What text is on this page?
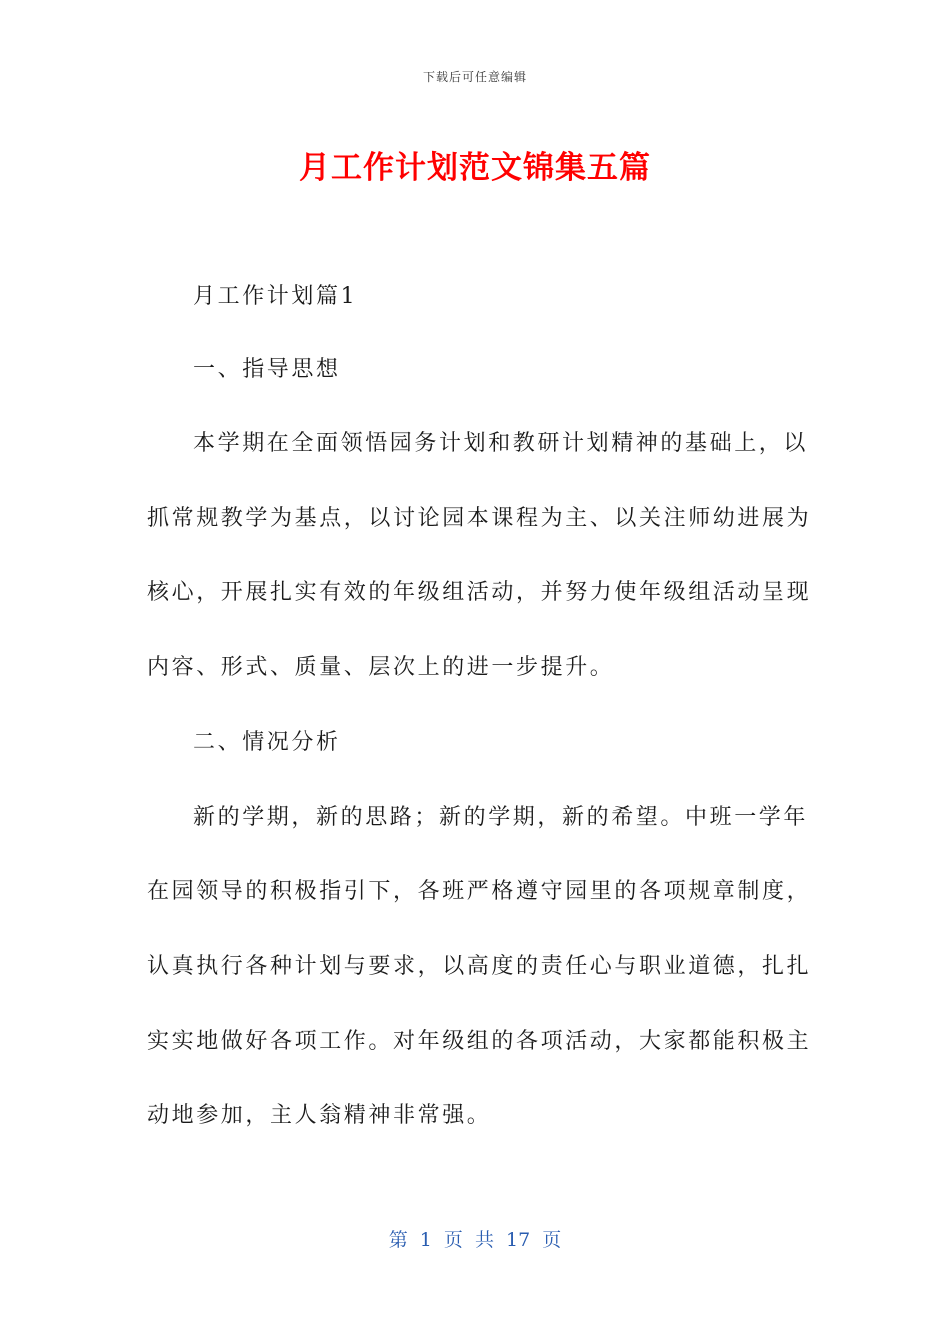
下载后可任意编辑
月工作计划范文锦集五篇
月工作计划篇1
一、指导思想
本学期在全面领悟园务计划和教研计划精神的基础上，以
抓常规教学为基点，以讨论园本课程为主、以关注师幼进展为
核心，开展扎实有效的年级组活动，并努力使年级组活动呈现
内容、形式、质量、层次上的进一步提升。
二、情况分析
新的学期，新的思路；新的学期，新的希望。中班一学年
在园领导的积极指引下，各班严格遵守园里的各项规章制度，
认真执行各种计划与要求，以高度的责任心与职业道德，扎扎
实实地做好各项工作。对年级组的各项活动，大家都能积极主
动地参加，主人翁精神非常强。
第 1 页 共 17 页
